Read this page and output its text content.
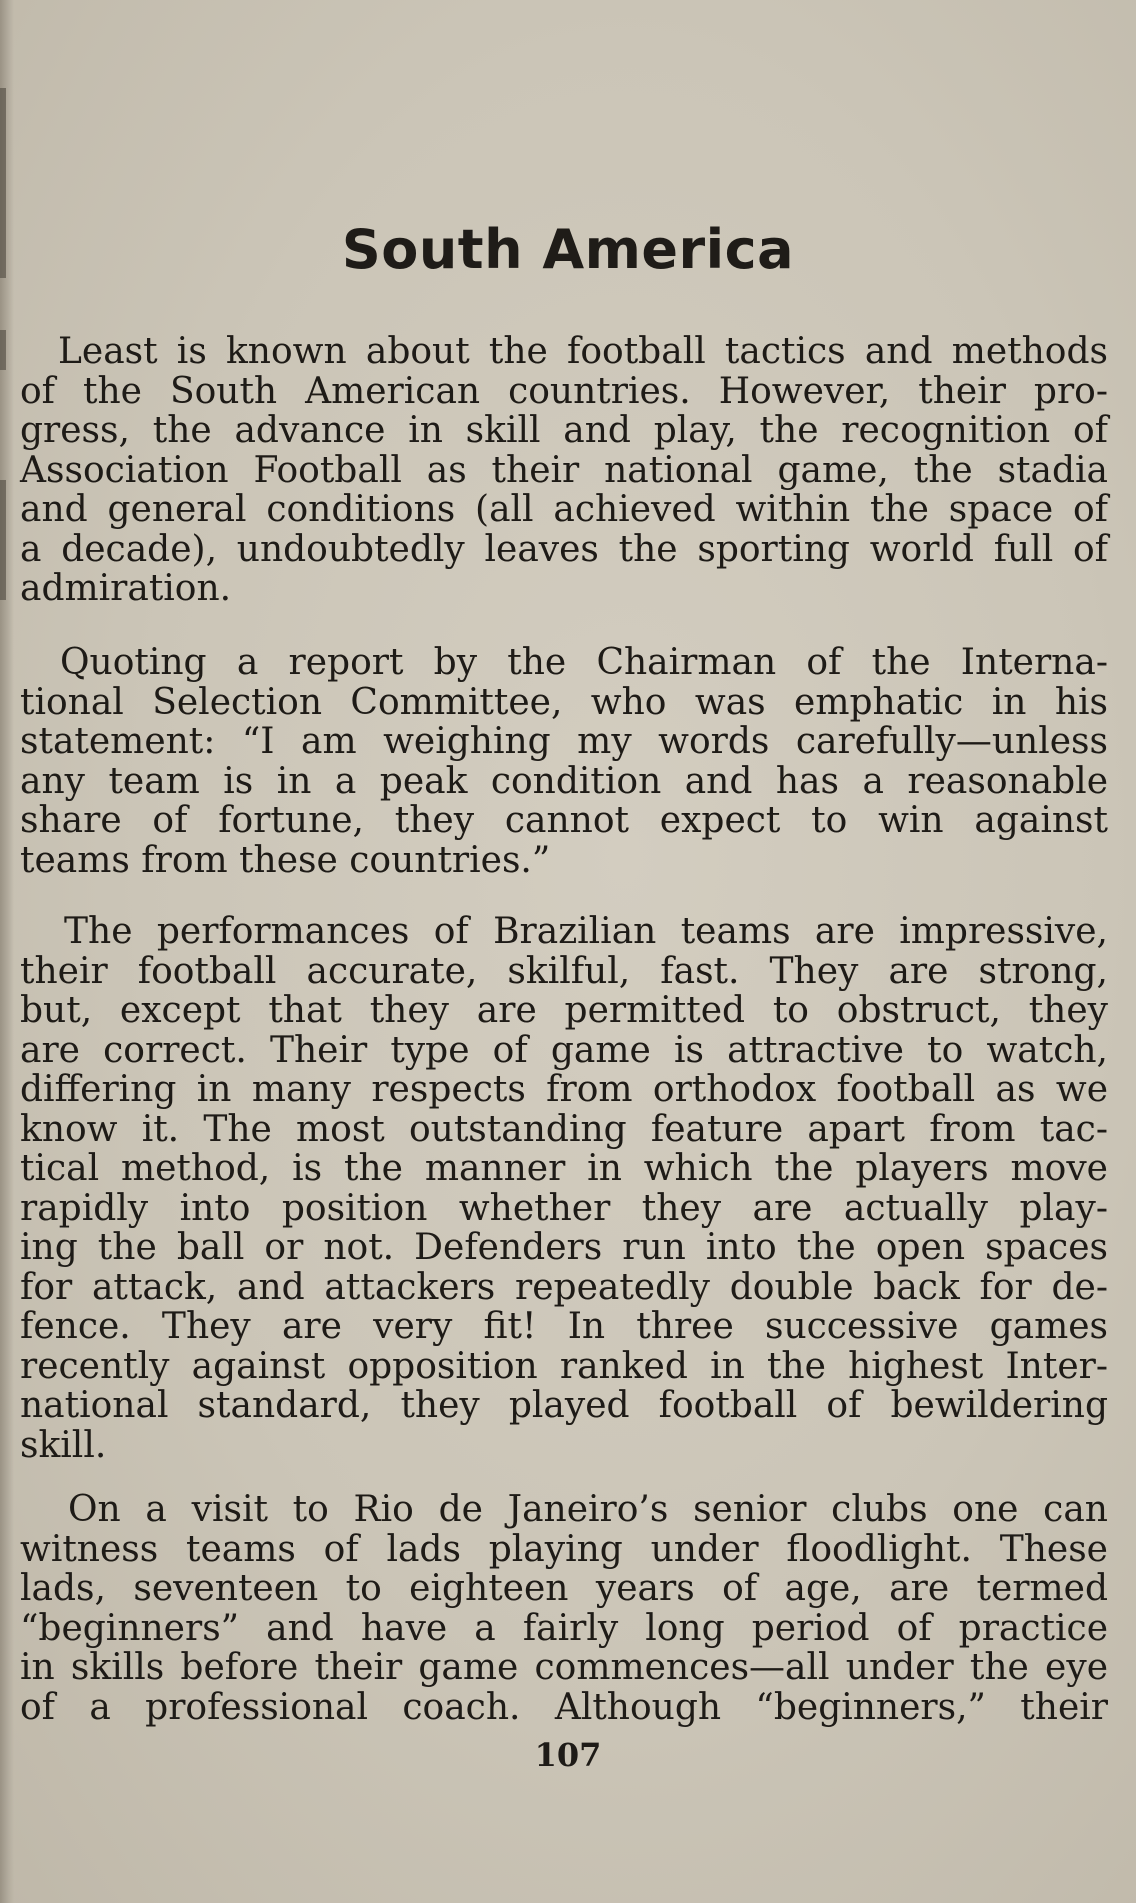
South America
Least is known about the football tactics and methods
of the South American countries. However, their pro-
gress, the advance in skill and play, the recognition of
Association Football as their national game, the stadia
and general conditions (all achieved within the space of
a decade), undoubtedly leaves the sporting world full of
admiration.
Quoting a report by the Chairman of the Interna-
tional Selection Committee, who was emphatic in his
statement: “I am weighing my words carefully—unless
any team is in a peak condition and has a reasonable
share of fortune, they cannot expect to win against
teams from these countries.”
The performances of Brazilian teams are impressive,
their football accurate, skilful, fast. They are strong,
but, except that they are permitted to obstruct, they
are correct. Their type of game is attractive to watch,
differing in many respects from orthodox football as we
know it. The most outstanding feature apart from tac-
tical method, is the manner in which the players move
rapidly into position whether they are actually play-
ing the ball or not. Defenders run into the open spaces
for attack, and attackers repeatedly double back for de-
fence. They are very fit! In three successive games
recently against opposition ranked in the highest Inter-
national standard, they played football of bewildering
skill.
On a visit to Rio de Janeiro’s senior clubs one can
witness teams of lads playing under floodlight. These
lads, seventeen to eighteen years of age, are termed
“beginners” and have a fairly long period of practice
in skills before their game commences—all under the eye
of a professional coach. Although “beginners,” their
107
